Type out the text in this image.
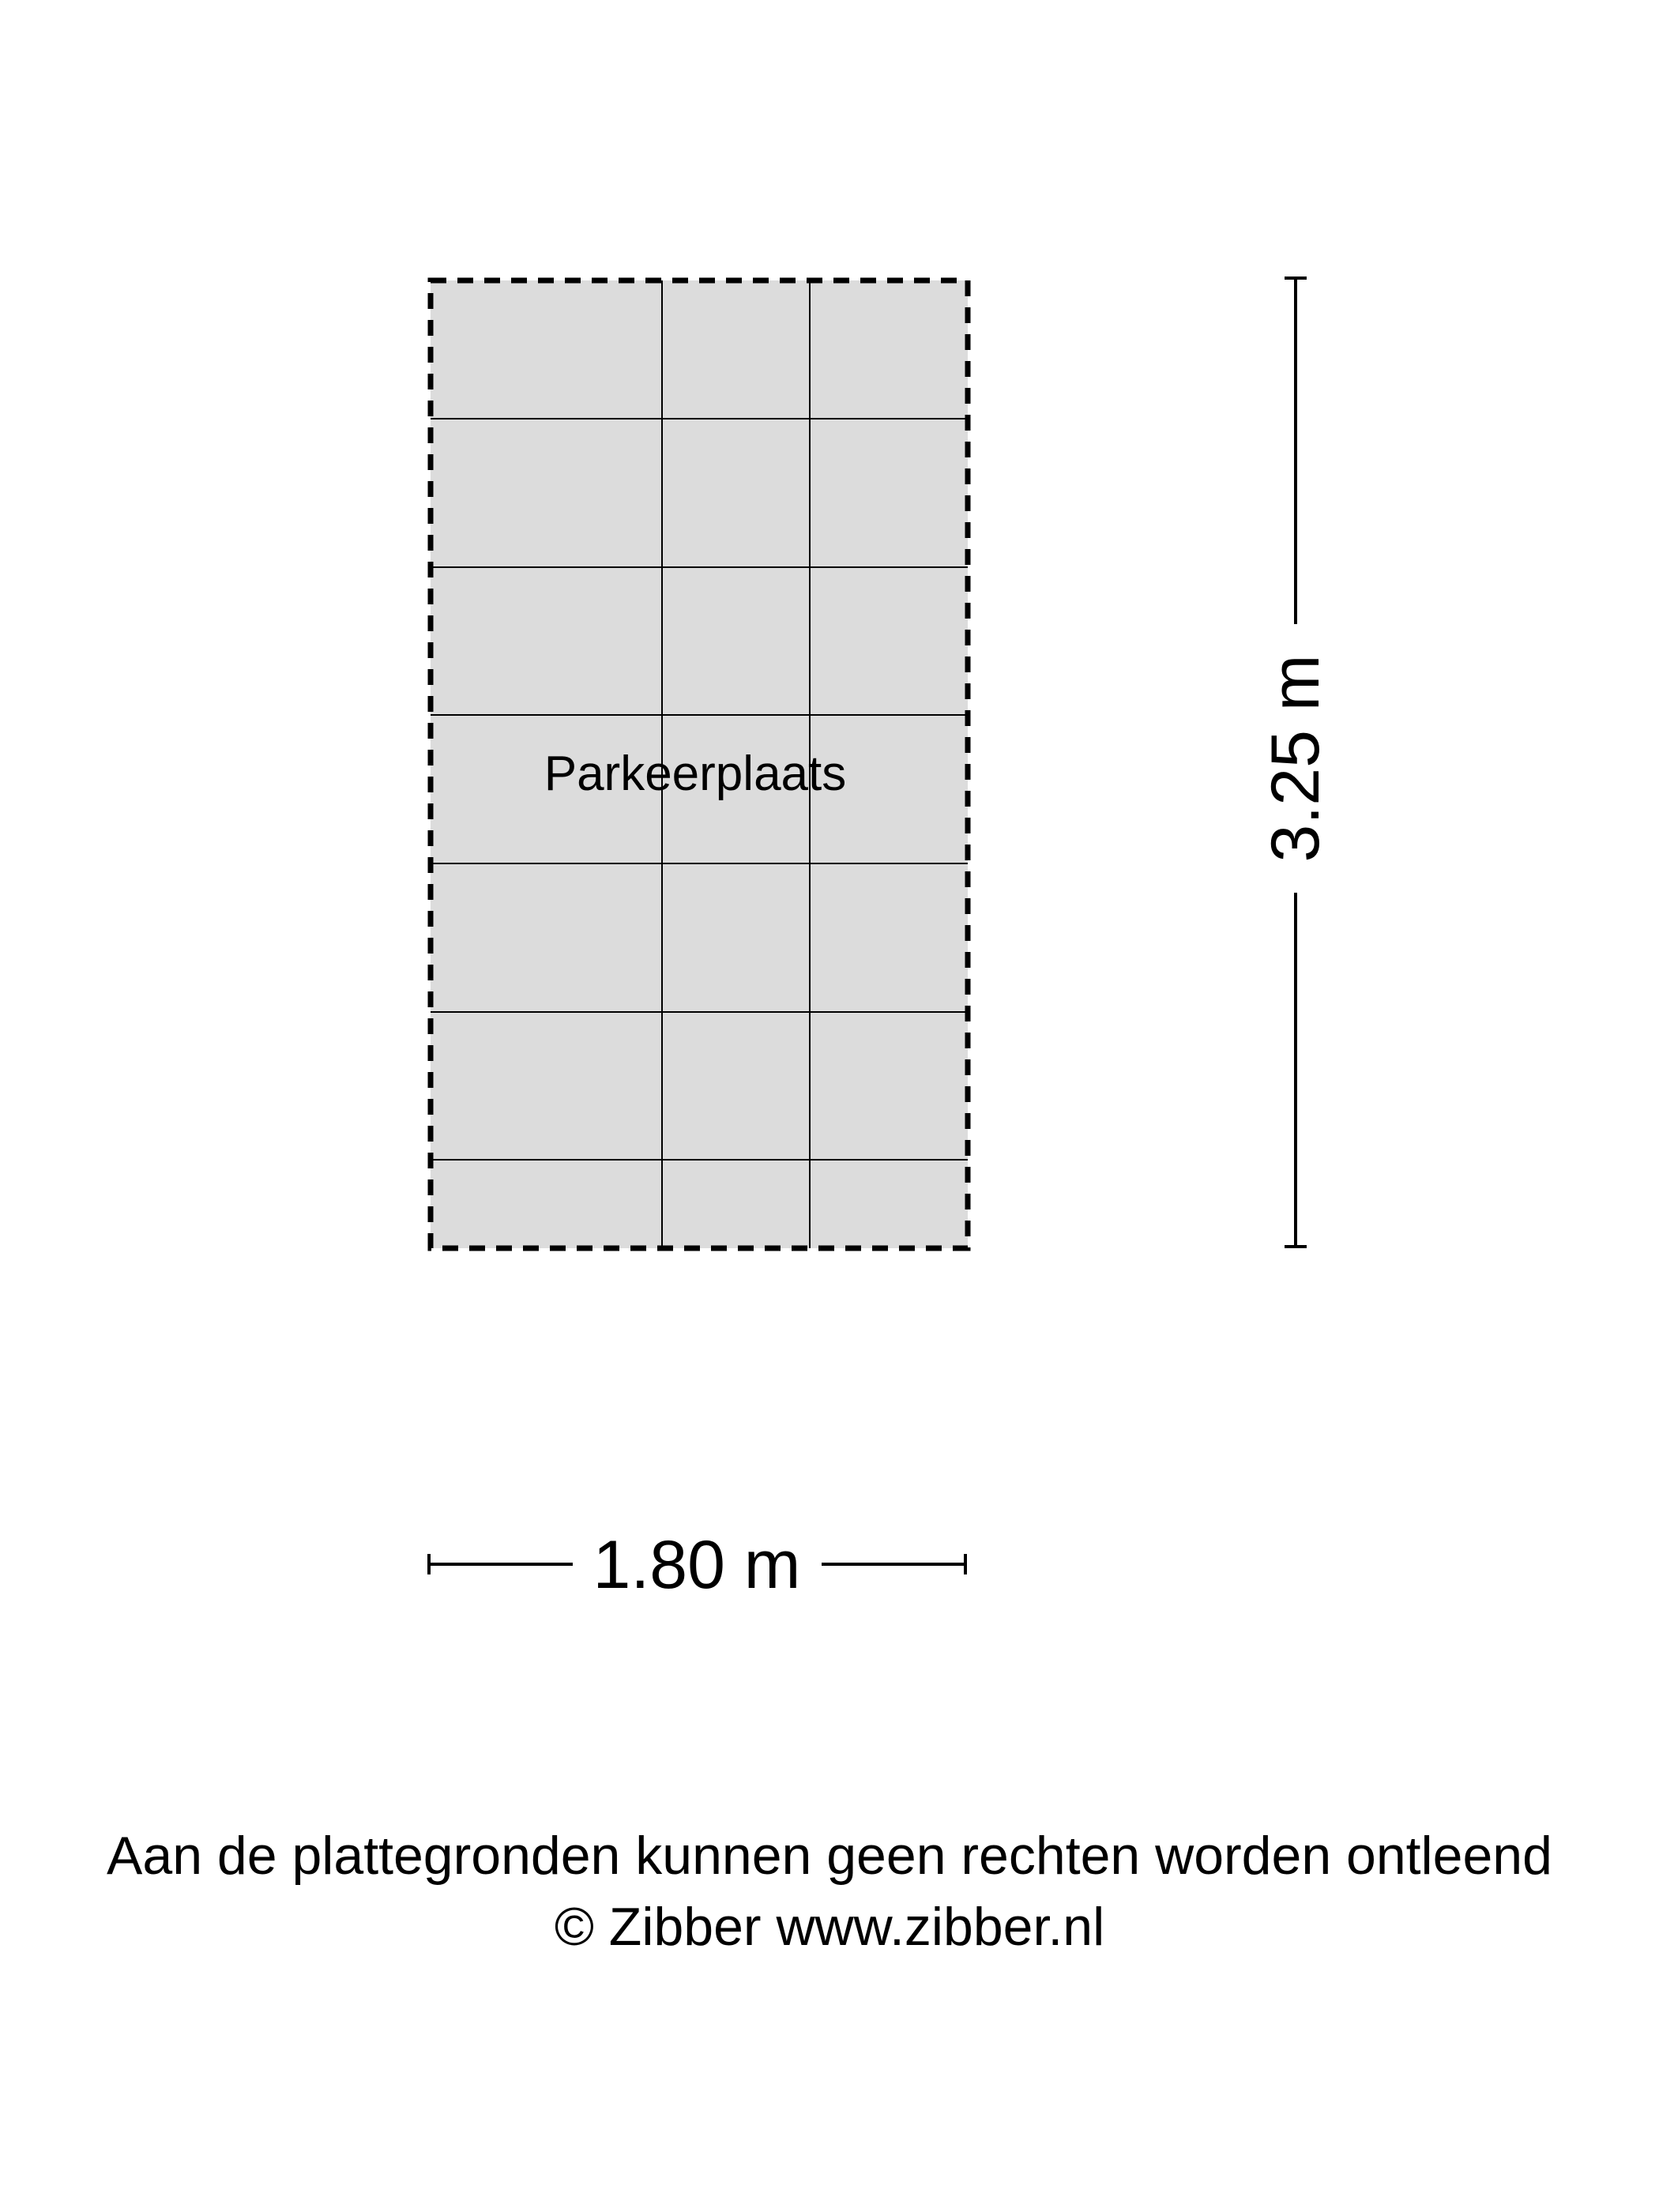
Parkeerplaats	3.25 m
1.80 m
Aan de plattegronden kunnen geen rechten worden ontleend
© Zibber www.zibber.nl
